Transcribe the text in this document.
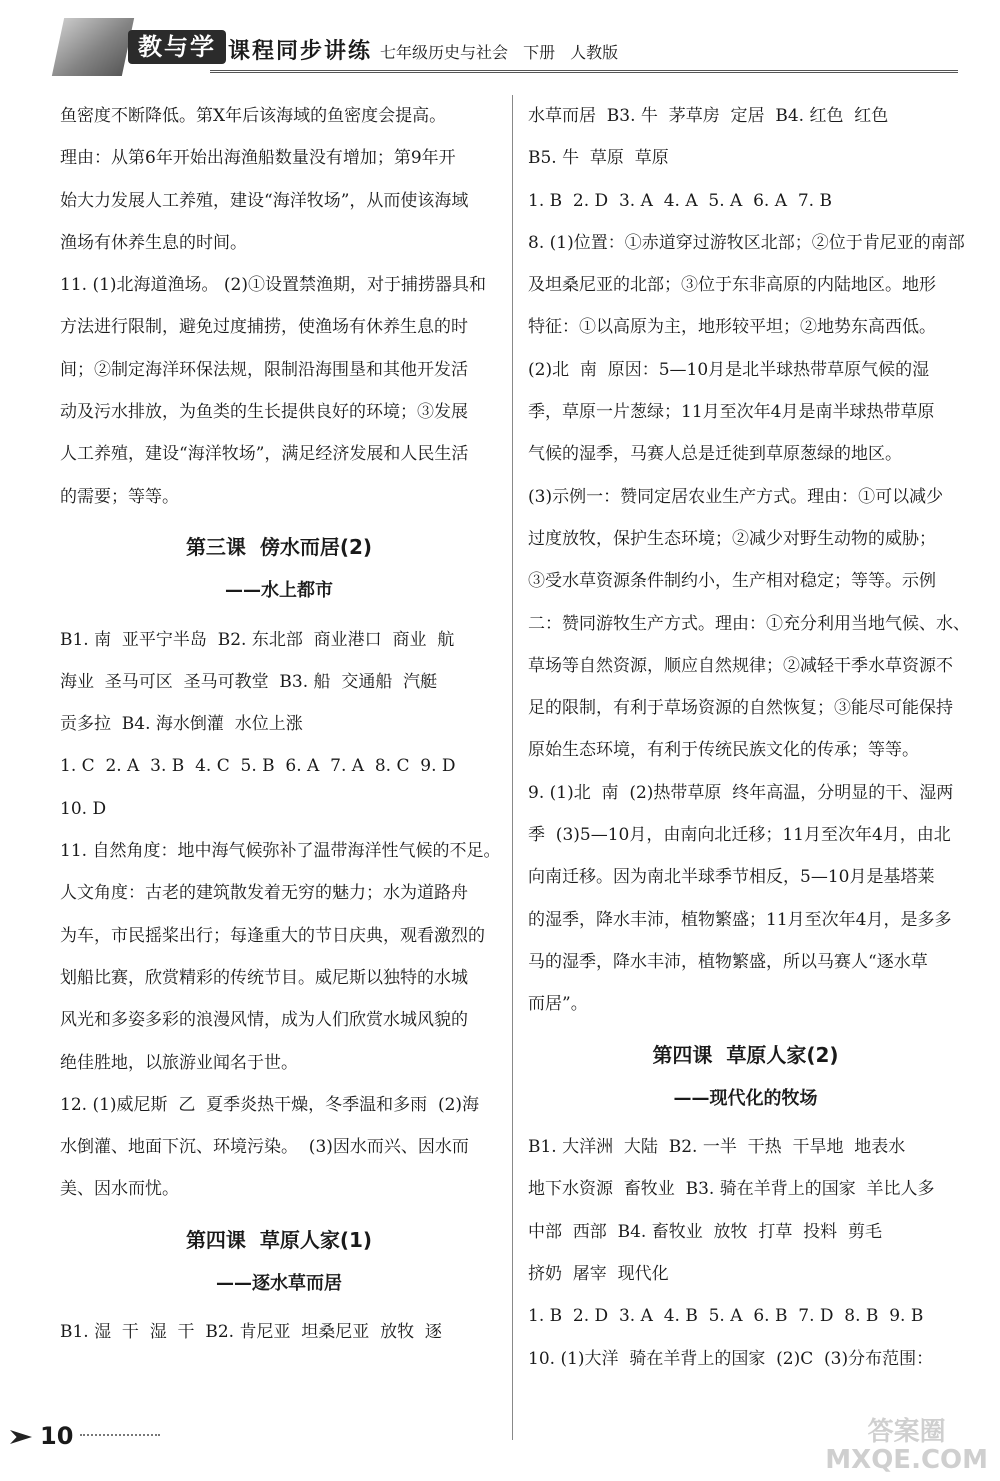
教与学 课程同步讲练 七年级历史与社会 下册 人教版

鱼密度不断降低。第X年后该海域的鱼密度会提高。

理由：从第6年开始出海渔船数量没有增加；第9年开

始大力发展人工养殖，建设“海洋牧场”，从而使该海域

渔场有休养生息的时间。

11. (1)北海道渔场。 (2)①设置禁渔期，对于捕捞器具和

方法进行限制，避免过度捕捞，使渔场有休养生息的时

间；②制定海洋环保法规，限制沿海围垦和其他开发活

动及污水排放，为鱼类的生长提供良好的环境；③发展

人工养殖，建设“海洋牧场”，满足经济发展和人民生活

的需要；等等。

第三课  傍水而居(2)
——水上都市

B1. 南  亚平宁半岛  B2. 东北部  商业港口  商业  航

海业  圣马可区  圣马可教堂  B3. 船  交通船  汽艇

贡多拉  B4. 海水倒灌  水位上涨

1. C  2. A  3. B  4. C  5. B  6. A  7. A  8. C  9. D

10. D

11. 自然角度：地中海气候弥补了温带海洋性气候的不足。

人文角度：古老的建筑散发着无穷的魅力；水为道路舟

为车，市民摇桨出行；每逢重大的节日庆典，观看激烈的

划船比赛，欣赏精彩的传统节目。威尼斯以独特的水城

风光和多姿多彩的浪漫风情，成为人们欣赏水城风貌的

绝佳胜地，以旅游业闻名于世。

12. (1)威尼斯  乙  夏季炎热干燥，冬季温和多雨  (2)海

水倒灌、地面下沉、环境污染。  (3)因水而兴、因水而

美、因水而忧。

第四课  草原人家(1)
——逐水草而居

B1. 湿  干  湿  干  B2. 肯尼亚  坦桑尼亚  放牧  逐

水草而居  B3. 牛  茅草房  定居  B4. 红色  红色

B5. 牛  草原  草原

1. B  2. D  3. A  4. A  5. A  6. A  7. B

8. (1)位置：①赤道穿过游牧区北部；②位于肯尼亚的南部

及坦桑尼亚的北部；③位于东非高原的内陆地区。地形

特征：①以高原为主，地形较平坦；②地势东高西低。

(2)北  南  原因：5—10月是北半球热带草原气候的湿

季，草原一片葱绿；11月至次年4月是南半球热带草原

气候的湿季，马赛人总是迁徙到草原葱绿的地区。

(3)示例一：赞同定居农业生产方式。理由：①可以减少

过度放牧，保护生态环境；②减少对野生动物的威胁；

③受水草资源条件制约小，生产相对稳定；等等。示例

二：赞同游牧生产方式。理由：①充分利用当地气候、水、

草场等自然资源，顺应自然规律；②减轻干季水草资源不

足的限制，有利于草场资源的自然恢复；③能尽可能保持

原始生态环境，有利于传统民族文化的传承；等等。

9. (1)北  南  (2)热带草原  终年高温，分明显的干、湿两

季  (3)5—10月，由南向北迁移；11月至次年4月，由北

向南迁移。因为南北半球季节相反，5—10月是基塔莱

的湿季，降水丰沛，植物繁盛；11月至次年4月，是多多

马的湿季，降水丰沛，植物繁盛，所以马赛人“逐水草

而居”。

第四课  草原人家(2)
——现代化的牧场

B1. 大洋洲  大陆  B2. 一半  干热  干旱地  地表水

地下水资源  畜牧业  B3. 骑在羊背上的国家  羊比人多

中部  西部  B4. 畜牧业  放牧  打草  投料  剪毛

挤奶  屠宰  现代化

1. B  2. D  3. A  4. B  5. A  6. B  7. D  8. B  9. B

10. (1)大洋  骑在羊背上的国家  (2)C  (3)分布范围：

10	答案圈
MXQE.COM
